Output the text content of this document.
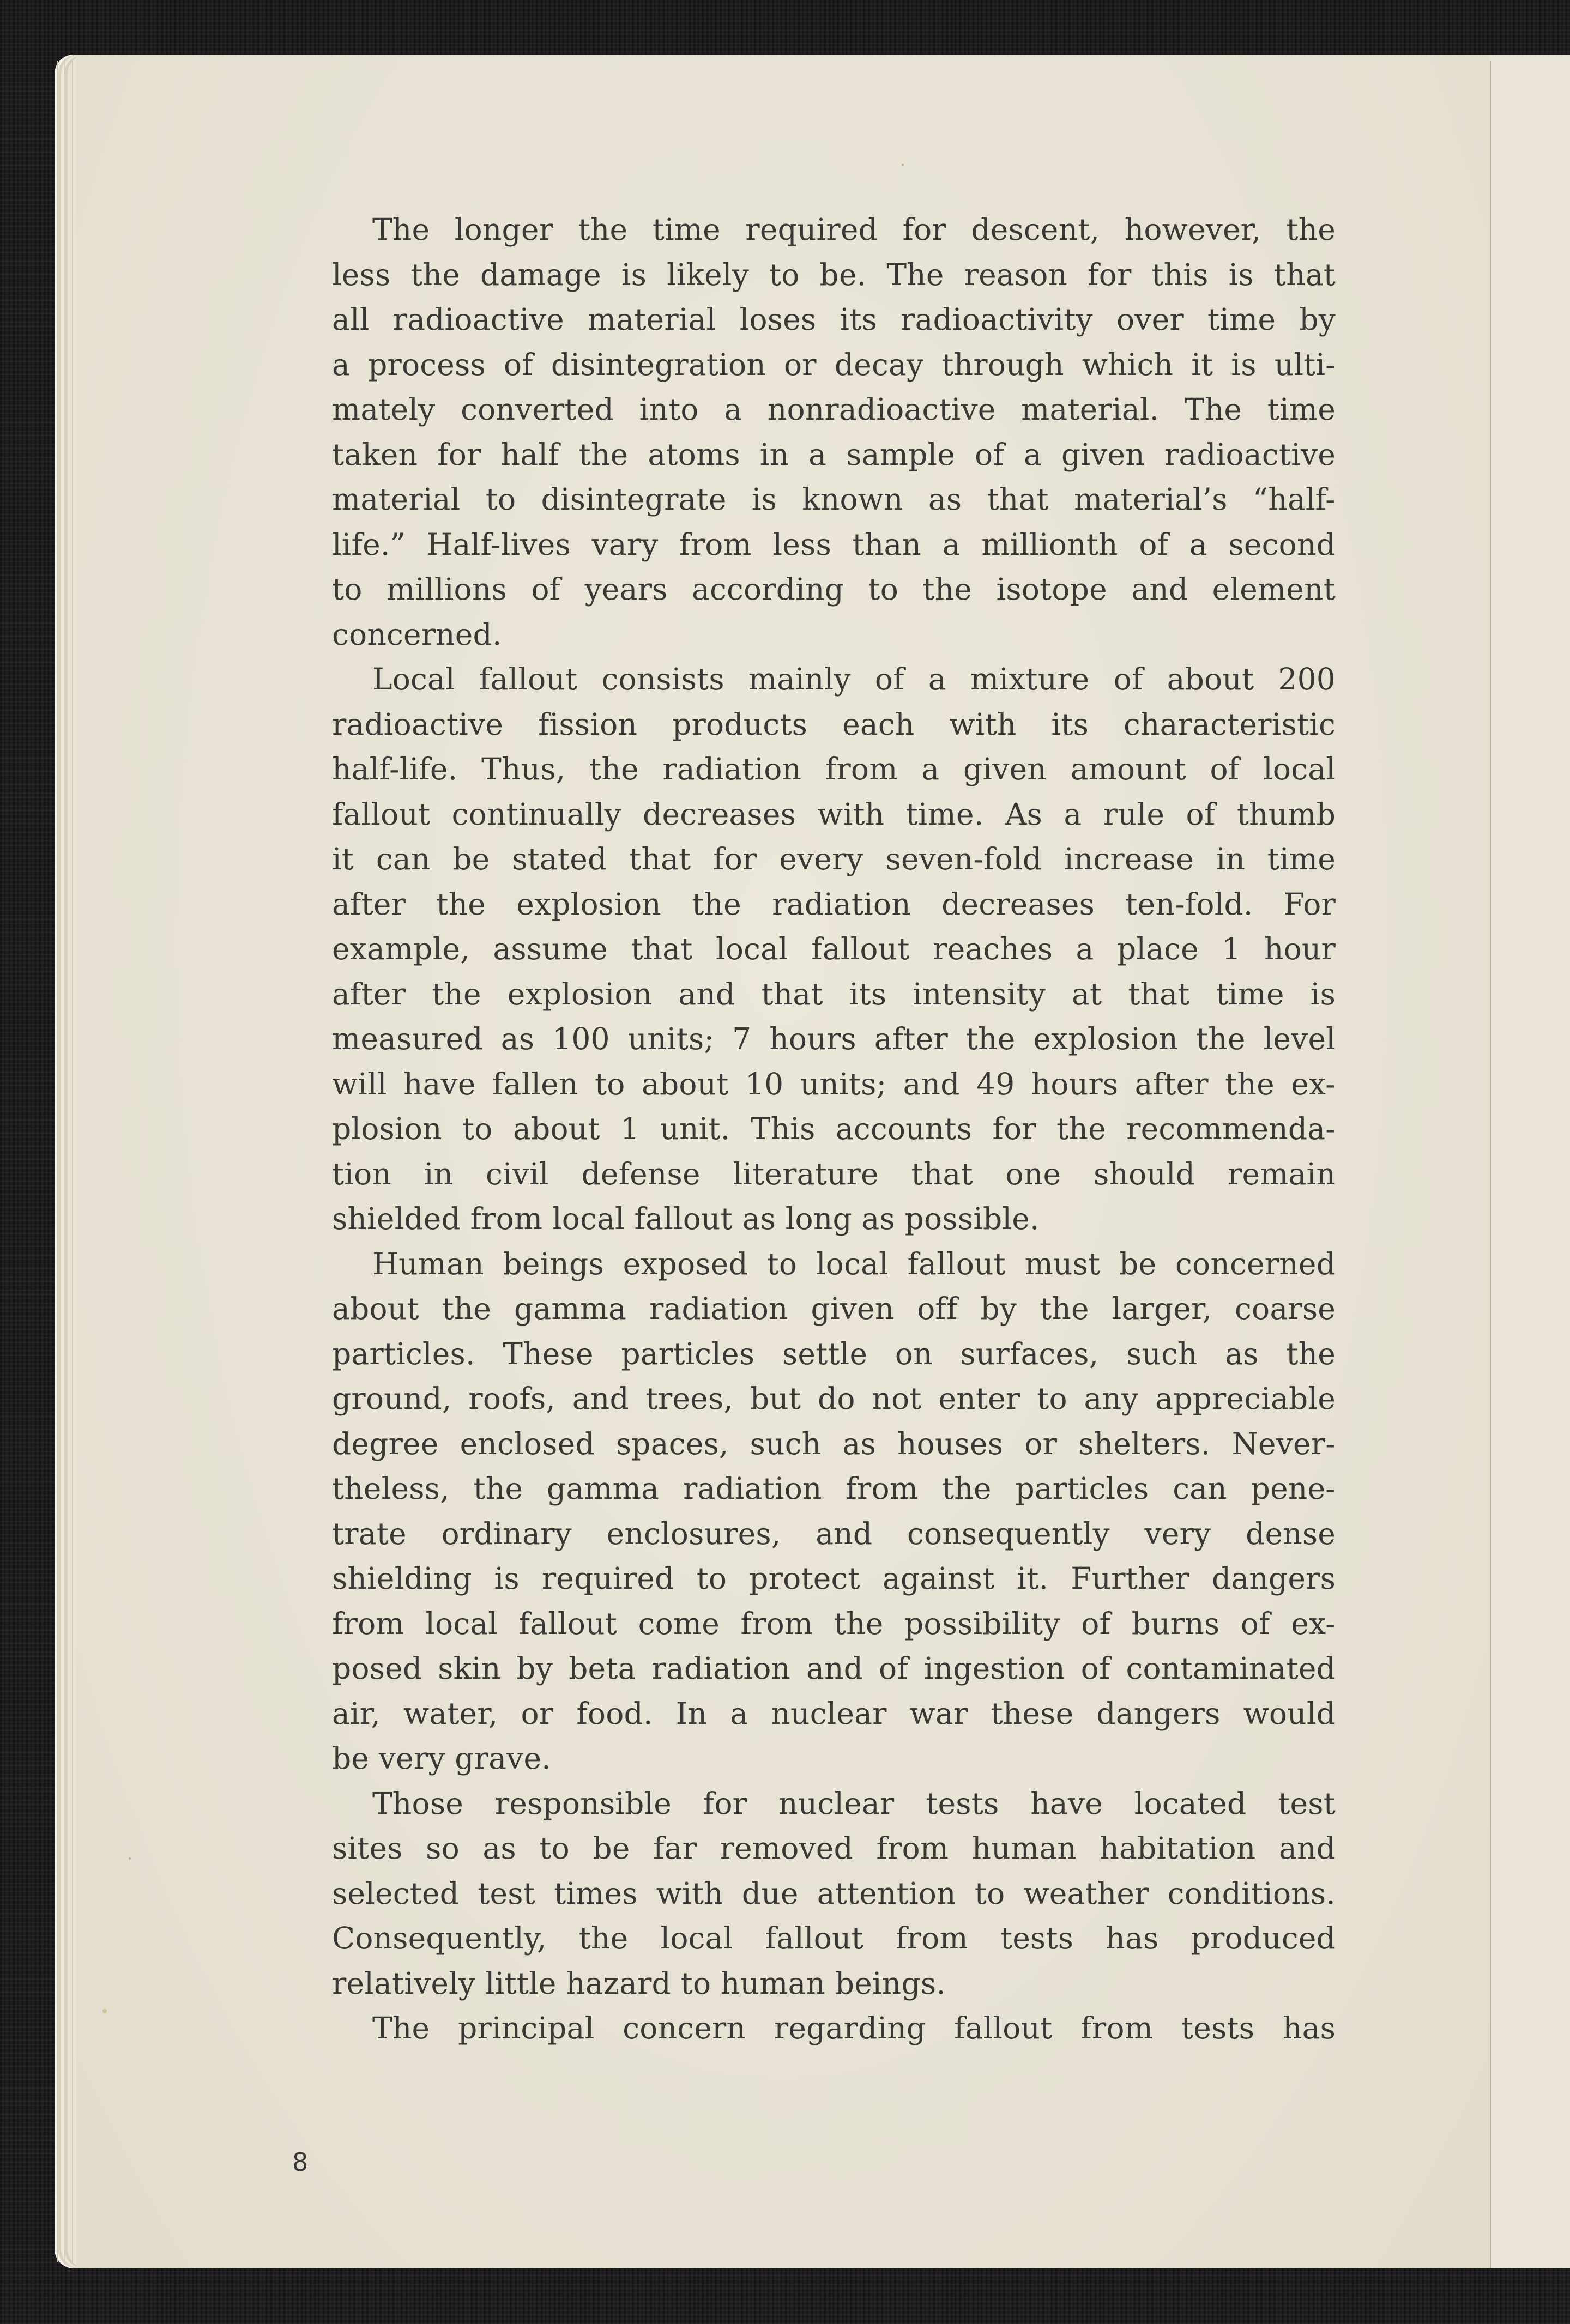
The longer the time required for descent, however, the
less the damage is likely to be. The reason for this is that
all radioactive material loses its radioactivity over time by
a process of disintegration or decay through which it is ulti-
mately converted into a nonradioactive material. The time
taken for half the atoms in a sample of a given radioactive
material to disintegrate is known as that material’s “half-
life.” Half-lives vary from less than a millionth of a second
to millions of years according to the isotope and element
concerned.

Local fallout consists mainly of a mixture of about 200
radioactive fission products each with its characteristic
half-life. Thus, the radiation from a given amount of local
fallout continually decreases with time. As a rule of thumb
it can be stated that for every seven-fold increase in time
after the explosion the radiation decreases ten-fold. For
example, assume that local fallout reaches a place 1 hour
after the explosion and that its intensity at that time is
measured as 100 units; 7 hours after the explosion the level
will have fallen to about 10 units; and 49 hours after the ex-
plosion to about 1 unit. This accounts for the recommenda-
tion in civil defense literature that one should remain
shielded from local fallout as long as possible.

Human beings exposed to local fallout must be concerned
about the gamma radiation given off by the larger, coarse
particles. These particles settle on surfaces, such as the
ground, roofs, and trees, but do not enter to any appreciable
degree enclosed spaces, such as houses or shelters. Never-
theless, the gamma radiation from the particles can pene-
trate ordinary enclosures, and consequently very dense
shielding is required to protect against it. Further dangers
from local fallout come from the possibility of burns of ex-
posed skin by beta radiation and of ingestion of contaminated
air, water, or food. In a nuclear war these dangers would
be very grave.

Those responsible for nuclear tests have located test
sites so as to be far removed from human habitation and
selected test times with due attention to weather conditions.
Consequently, the local fallout from tests has produced
relatively little hazard to human beings.

The principal concern regarding fallout from tests has

8
